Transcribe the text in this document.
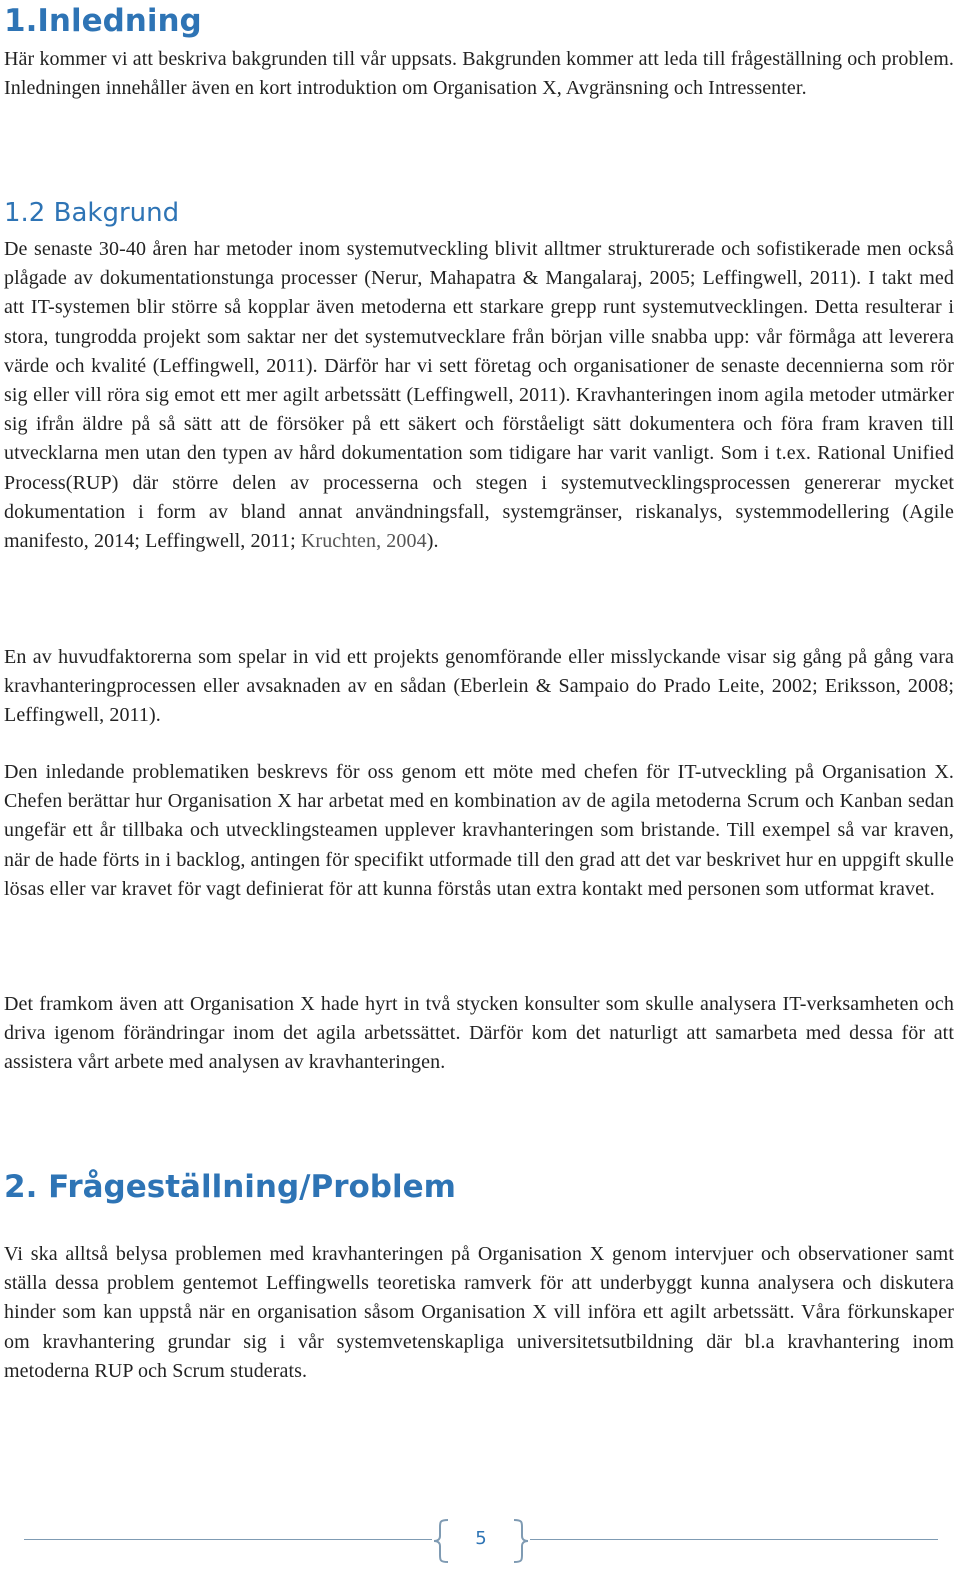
1.Inledning

Här kommer vi att beskriva bakgrunden till vår uppsats. Bakgrunden kommer att leda till frågeställning och problem. Inledningen innehåller även en kort introduktion om Organisation X, Avgränsning och Intressenter.

1.2 Bakgrund

De senaste 30-40 åren har metoder inom systemutveckling blivit alltmer strukturerade och sofistikerade men också plågade av dokumentationstunga processer (Nerur, Mahapatra & Mangalaraj, 2005; Leffingwell, 2011). I takt med att IT-systemen blir större så kopplar även metoderna ett starkare grepp runt systemutvecklingen. Detta resulterar i stora, tungrodda projekt som saktar ner det systemutvecklare från början ville snabba upp: vår förmåga att leverera värde och kvalité (Leffingwell, 2011). Därför har vi sett företag och organisationer de senaste decennierna som rör sig eller vill röra sig emot ett mer agilt arbetssätt (Leffingwell, 2011). Kravhanteringen inom agila metoder utmärker sig ifrån äldre på så sätt att de försöker på ett säkert och förståeligt sätt dokumentera och föra fram kraven till utvecklarna men utan den typen av hård dokumentation som tidigare har varit vanligt. Som i t.ex. Rational Unified Process(RUP) där större delen av processerna och stegen i systemutvecklingsprocessen genererar mycket dokumentation i form av bland annat användningsfall, systemgränser, riskanalys, systemmodellering (Agile manifesto, 2014; Leffingwell, 2011; Kruchten, 2004).

En av huvudfaktorerna som spelar in vid ett projekts genomförande eller misslyckande visar sig gång på gång vara kravhanteringprocessen eller avsaknaden av en sådan (Eberlein & Sampaio do Prado Leite, 2002; Eriksson, 2008; Leffingwell, 2011).

Den inledande problematiken beskrevs för oss genom ett möte med chefen för IT-utveckling på Organisation X. Chefen berättar hur Organisation X har arbetat med en kombination av de agila metoderna Scrum och Kanban sedan ungefär ett år tillbaka och utvecklingsteamen upplever kravhanteringen som bristande. Till exempel så var kraven, när de hade förts in i backlog, antingen för specifikt utformade till den grad att det var beskrivet hur en uppgift skulle lösas eller var kravet för vagt definierat för att kunna förstås utan extra kontakt med personen som utformat kravet.

Det framkom även att Organisation X hade hyrt in två stycken konsulter som skulle analysera IT-verksamheten och driva igenom förändringar inom det agila arbetssättet. Därför kom det naturligt att samarbeta med dessa för att assistera vårt arbete med analysen av kravhanteringen.

2. Frågeställning/Problem

Vi ska alltså belysa problemen med kravhanteringen på Organisation X genom intervjuer och observationer samt ställa dessa problem gentemot Leffingwells teoretiska ramverk för att underbyggt kunna analysera och diskutera hinder som kan uppstå när en organisation såsom Organisation X vill införa ett agilt arbetssätt. Våra förkunskaper om kravhantering grundar sig i vår systemvetenskapliga universitetsutbildning där bl.a kravhantering inom metoderna RUP och Scrum studerats.

5
